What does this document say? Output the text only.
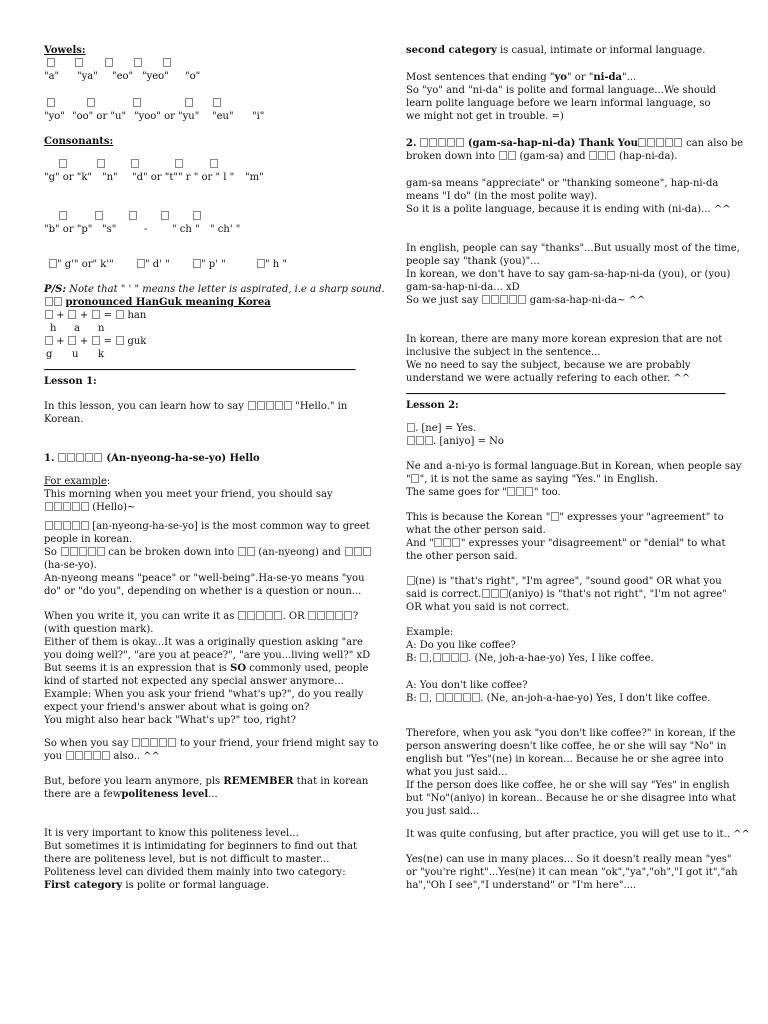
Vowels:
"a" "ya" "eo" "yeo" "o"
"yo" "oo" or "u" "yoo" or "yu" "eu" "i"
Consonants:
"g" or "k" "n" "d" or "t" " r " or " l " "m"
"b" or "p" "s"	- " ch " " ch' "
" g'" or" k'"	" d' "	" p' "	" h "
P/S: Note that " ' " means the letter is aspirated, i.e a sharp sound.
pronounced HanGuk meaning Korea
+  +  =  han
h a n
+  +  =  guk
g u k
Lesson 1:
In this lesson, you can learn how to say	"Hello." in
Korean.
1.	(An-nyeong-ha-se-yo) Hello
For example:
This morning when you meet your friend, you should say
(Hello)~
[an-nyeong-ha-se-yo] is the most common way to greet
people in korean.
So	can be broken down into (an-nyeong) and
(ha-se-yo).
An-nyeong means "peace" or "well-being".Ha-se-yo means "you
do" or "do you", depending on whether is a question or noun...
When you write it, you can write it as	. OR	?
(with question mark).
Either of them is okay...It was a originally question asking "are
you doing well?", "are you at peace?", "are you...living well?" xD
But seems it is an expression that is SO commonly used, people
kind of started not expected any special answer anymore...
Example: When you ask your friend "what's up?", do you really
expect your friend's answer about what is going on?
You might also hear back "What's up?" too, right?
So when you say	to your friend, your friend might say to
you	also.. ^^
But, before you learn anymore, pls REMEMBER that in korean
there are a fewpoliteness level...
It is very important to know this politeness level...
But sometimes it is intimidating for beginners to find out that
there are politeness level, but is not difficult to master...
Politeness level can divided them mainly into two category:
First category is polite or formal language.
second category is casual, intimate or informal language.
Most sentences that ending "yo" or "ni-da"...
So "yo" and "ni-da" is polite and formal language...We should
learn polite language before we learn informal language, so
we might not get in trouble. =)
2.	(gam-sa-hap-ni-da) Thank You	can also be
broken down into (gam-sa) and	(hap-ni-da).
gam-sa means "appreciate" or "thanking someone", hap-ni-da
means "I do" (in the most polite way).
So it is a polite language, because it is ending with (ni-da)... ^^
In english, people can say "thanks"...But usually most of the time,
people say "thank (you)"...
In korean, we don't have to say gam-sa-hap-ni-da (you), or (you)
gam-sa-hap-ni-da... xD
So we just say	gam-sa-hap-ni-da~ ^^
In korean, there are many more korean expresion that are not
inclusive the subject in the sentence...
We no need to say the subject, because we are probably
understand we were actually refering to each other. ^^
Lesson 2:
. [ne] = Yes.
. [aniyo] = No
Ne and a-ni-yo is formal language.But in Korean, when people say
" ", it is not the same as saying "Yes." in English.
The same goes for "	" too.
This is because the Korean " " expresses your "agreement" to
what the other person said.
And "	" expresses your "disagreement" or "denial" to what
the other person said.
(ne) is "that's right", "I'm agree", "sound good" OR what you
said is correct.	(aniyo) is "that's not right", "I'm not agree"
OR what you said is not correct.
Example:
A: Do you like coffee?
B: ,	. (Ne, joh-a-hae-yo) Yes, I like coffee.
A: You don't like coffee?
B: ,	. (Ne, an-joh-a-hae-yo) Yes, I don't like coffee.
Therefore, when you ask "you don't like coffee?" in korean, if the
person answering doesn't like coffee, he or she will say "No" in
english but "Yes"(ne) in korean... Because he or she agree into
what you just said...
If the person does like coffee, he or she will say "Yes" in english
but "No"(aniyo) in korean.. Because he or she disagree into what
you just said...
It was quite confusing, but after practice, you will get use to it.. ^^
Yes(ne) can use in many places... So it doesn't really mean "yes"
or "you're right"...Yes(ne) it can mean "ok","ya","oh","I got it","ah
ha","Oh I see","I understand" or "I'm here"....
